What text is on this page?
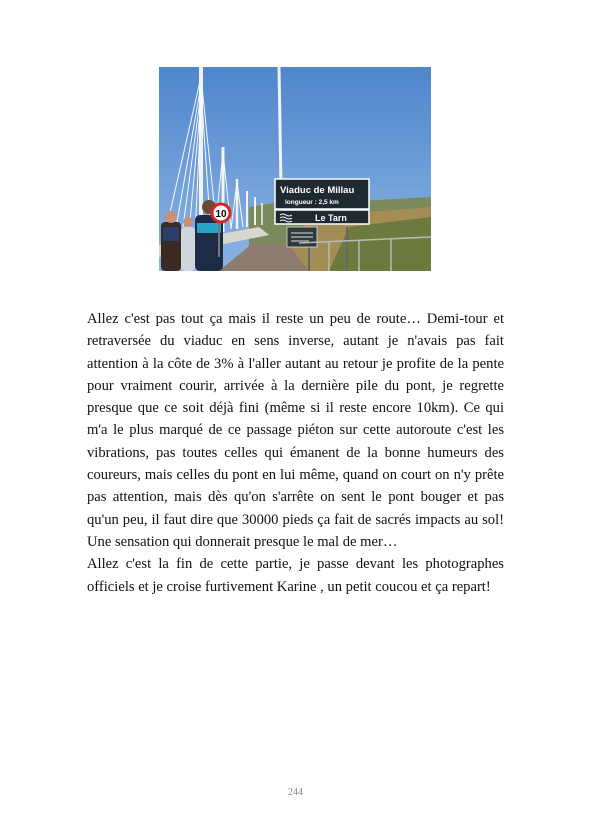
10
Viaduc de Millau
longueur : 2,5 km
Le Tarn

Allez c'est pas tout ça mais il reste un peu de route… Demi-tour et retraversée du viaduc en sens inverse, autant je n'avais pas fait attention à la côte de 3% à l'aller autant au retour je profite de la pente pour vraiment courir, arrivée à la dernière pile du pont, je regrette presque que ce soit déjà fini (même si il reste encore 10km). Ce qui m'a le plus marqué de ce passage piéton sur cette autoroute c'est les vibrations, pas toutes celles qui émanent de la bonne humeurs des coureurs, mais celles du pont en lui même, quand on court on n'y prête pas attention, mais dès qu'on s'arrête on sent le pont bouger et pas qu'un peu, il faut dire que 30000 pieds ça fait de sacrés impacts au sol! Une sensation qui donnerait presque le mal de mer…

Allez c'est la fin de cette partie, je passe devant les photographes officiels et je croise furtivement Karine , un petit coucou et ça repart!

244
